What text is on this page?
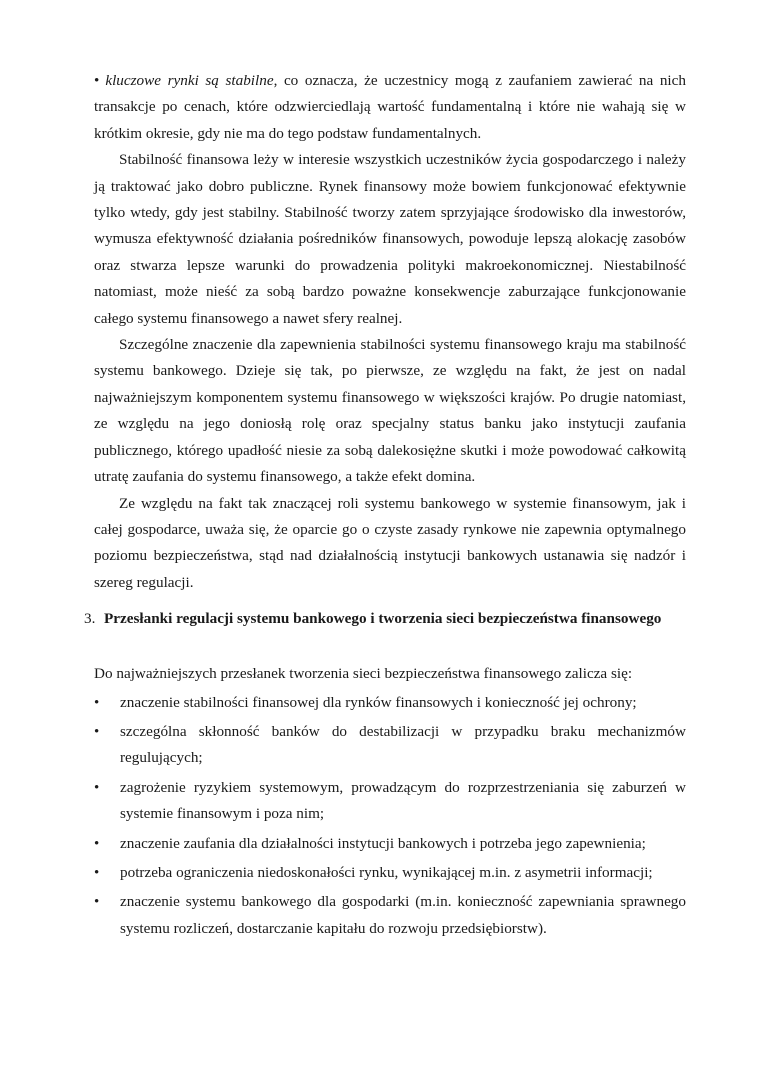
• kluczowe rynki są stabilne, co oznacza, że uczestnicy mogą z zaufaniem zawierać na nich transakcje po cenach, które odzwierciedlają wartość fundamentalną i które nie wahają się w krótkim okresie, gdy nie ma do tego podstaw fundamentalnych.

Stabilność finansowa leży w interesie wszystkich uczestników życia gospodarczego i należy ją traktować jako dobro publiczne. Rynek finansowy może bowiem funkcjonować efektywnie tylko wtedy, gdy jest stabilny. Stabilność tworzy zatem sprzyjające środowisko dla inwestorów, wymusza efektywność działania pośredników finansowych, powoduje lepszą alokację zasobów oraz stwarza lepsze warunki do prowadzenia polityki makroekonomicznej. Niestabilność natomiast, może nieść za sobą bardzo poważne konsekwencje zaburzające funkcjonowanie całego systemu finansowego a nawet sfery realnej.

Szczególne znaczenie dla zapewnienia stabilności systemu finansowego kraju ma stabilność systemu bankowego. Dzieje się tak, po pierwsze, ze względu na fakt, że jest on nadal najważniejszym komponentem systemu finansowego w większości krajów. Po drugie natomiast, ze względu na jego doniosłą rolę oraz specjalny status banku jako instytucji zaufania publicznego, którego upadłość niesie za sobą dalekosiężne skutki i może powodować całkowitą utratę zaufania do systemu finansowego, a także efekt domina.

Ze względu na fakt tak znaczącej roli systemu bankowego w systemie finansowym, jak i całej gospodarce, uważa się, że oparcie go o czyste zasady rynkowe nie zapewnia optymalnego poziomu bezpieczeństwa, stąd nad działalnością instytucji bankowych ustanawia się nadzór i szereg regulacji.

3. Przesłanki regulacji systemu bankowego i tworzenia sieci bezpieczeństwa finansowego

Do najważniejszych przesłanek tworzenia sieci bezpieczeństwa finansowego zalicza się:

• znaczenie stabilności finansowej dla rynków finansowych i konieczność jej ochrony;
• szczególna skłonność banków do destabilizacji w przypadku braku mechanizmów regulujących;
• zagrożenie ryzykiem systemowym, prowadzącym do rozprzestrzeniania się zaburzeń w systemie finansowym i poza nim;
• znaczenie zaufania dla działalności instytucji bankowych i potrzeba jego zapewnienia;
• potrzeba ograniczenia niedoskonałości rynku, wynikającej m.in. z asymetrii informacji;
• znaczenie systemu bankowego dla gospodarki (m.in. konieczność zapewniania sprawnego systemu rozliczeń, dostarczanie kapitału do rozwoju przedsiębiorstw).
